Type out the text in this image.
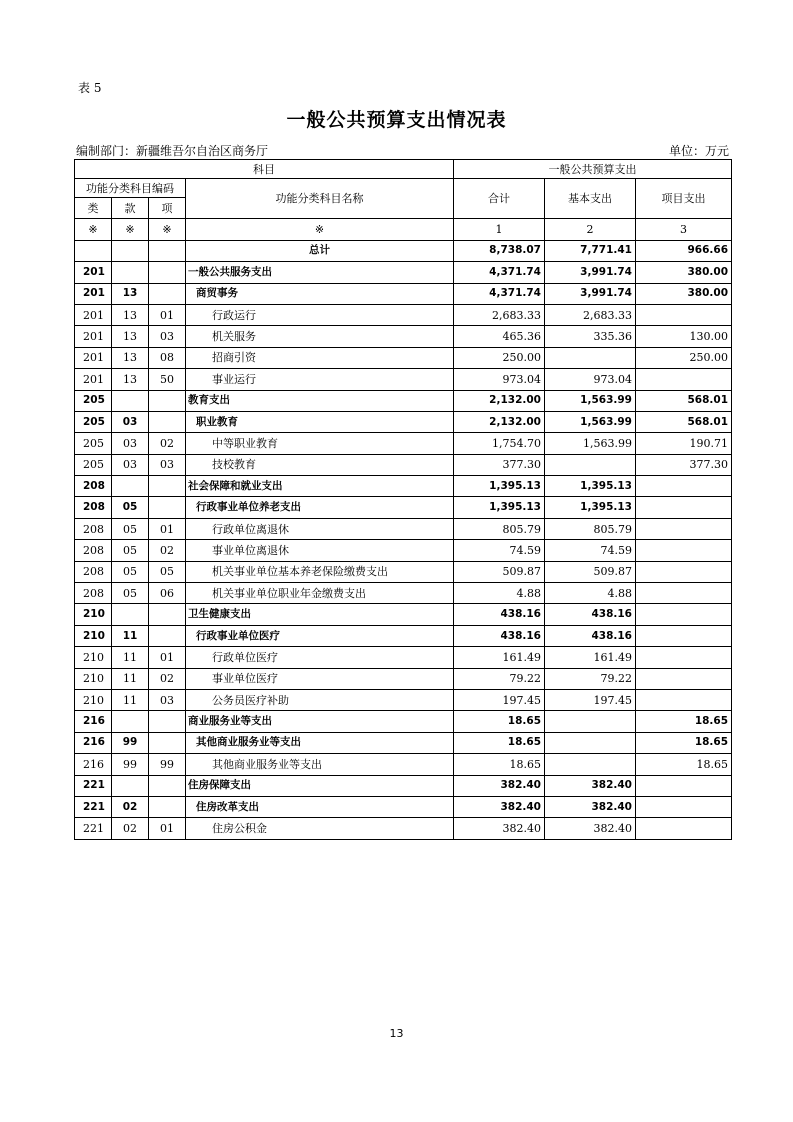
表 5
一般公共预算支出情况表
编制部门：新疆维吾尔自治区商务厅	单位：万元
科目				一般公共预算支出		
功能分类科目编码			功能分类科目名称	合计	基本支出	项目支出
类	款	项				
※	※	※	※	1	2	3
			总计	8,738.07	7,771.41	966.66
201			一般公共服务支出	4,371.74	3,991.74	380.00
201	13		商贸事务	4,371.74	3,991.74	380.00
201	13	01	行政运行	2,683.33	2,683.33	
201	13	03	机关服务	465.36	335.36	130.00
201	13	08	招商引资	250.00		250.00
201	13	50	事业运行	973.04	973.04	
205			教育支出	2,132.00	1,563.99	568.01
205	03		职业教育	2,132.00	1,563.99	568.01
205	03	02	中等职业教育	1,754.70	1,563.99	190.71
205	03	03	技校教育	377.30		377.30
208			社会保障和就业支出	1,395.13	1,395.13	
208	05		行政事业单位养老支出	1,395.13	1,395.13	
208	05	01	行政单位离退休	805.79	805.79	
208	05	02	事业单位离退休	74.59	74.59	
208	05	05	机关事业单位基本养老保险缴费支出	509.87	509.87	
208	05	06	机关事业单位职业年金缴费支出	4.88	4.88	
210			卫生健康支出	438.16	438.16	
210	11		行政事业单位医疗	438.16	438.16	
210	11	01	行政单位医疗	161.49	161.49	
210	11	02	事业单位医疗	79.22	79.22	
210	11	03	公务员医疗补助	197.45	197.45	
216			商业服务业等支出	18.65		18.65
216	99		其他商业服务业等支出	18.65		18.65
216	99	99	其他商业服务业等支出	18.65		18.65
221			住房保障支出	382.40	382.40	
221	02		住房改革支出	382.40	382.40	
221	02	01	住房公积金	382.40	382.40	
13
